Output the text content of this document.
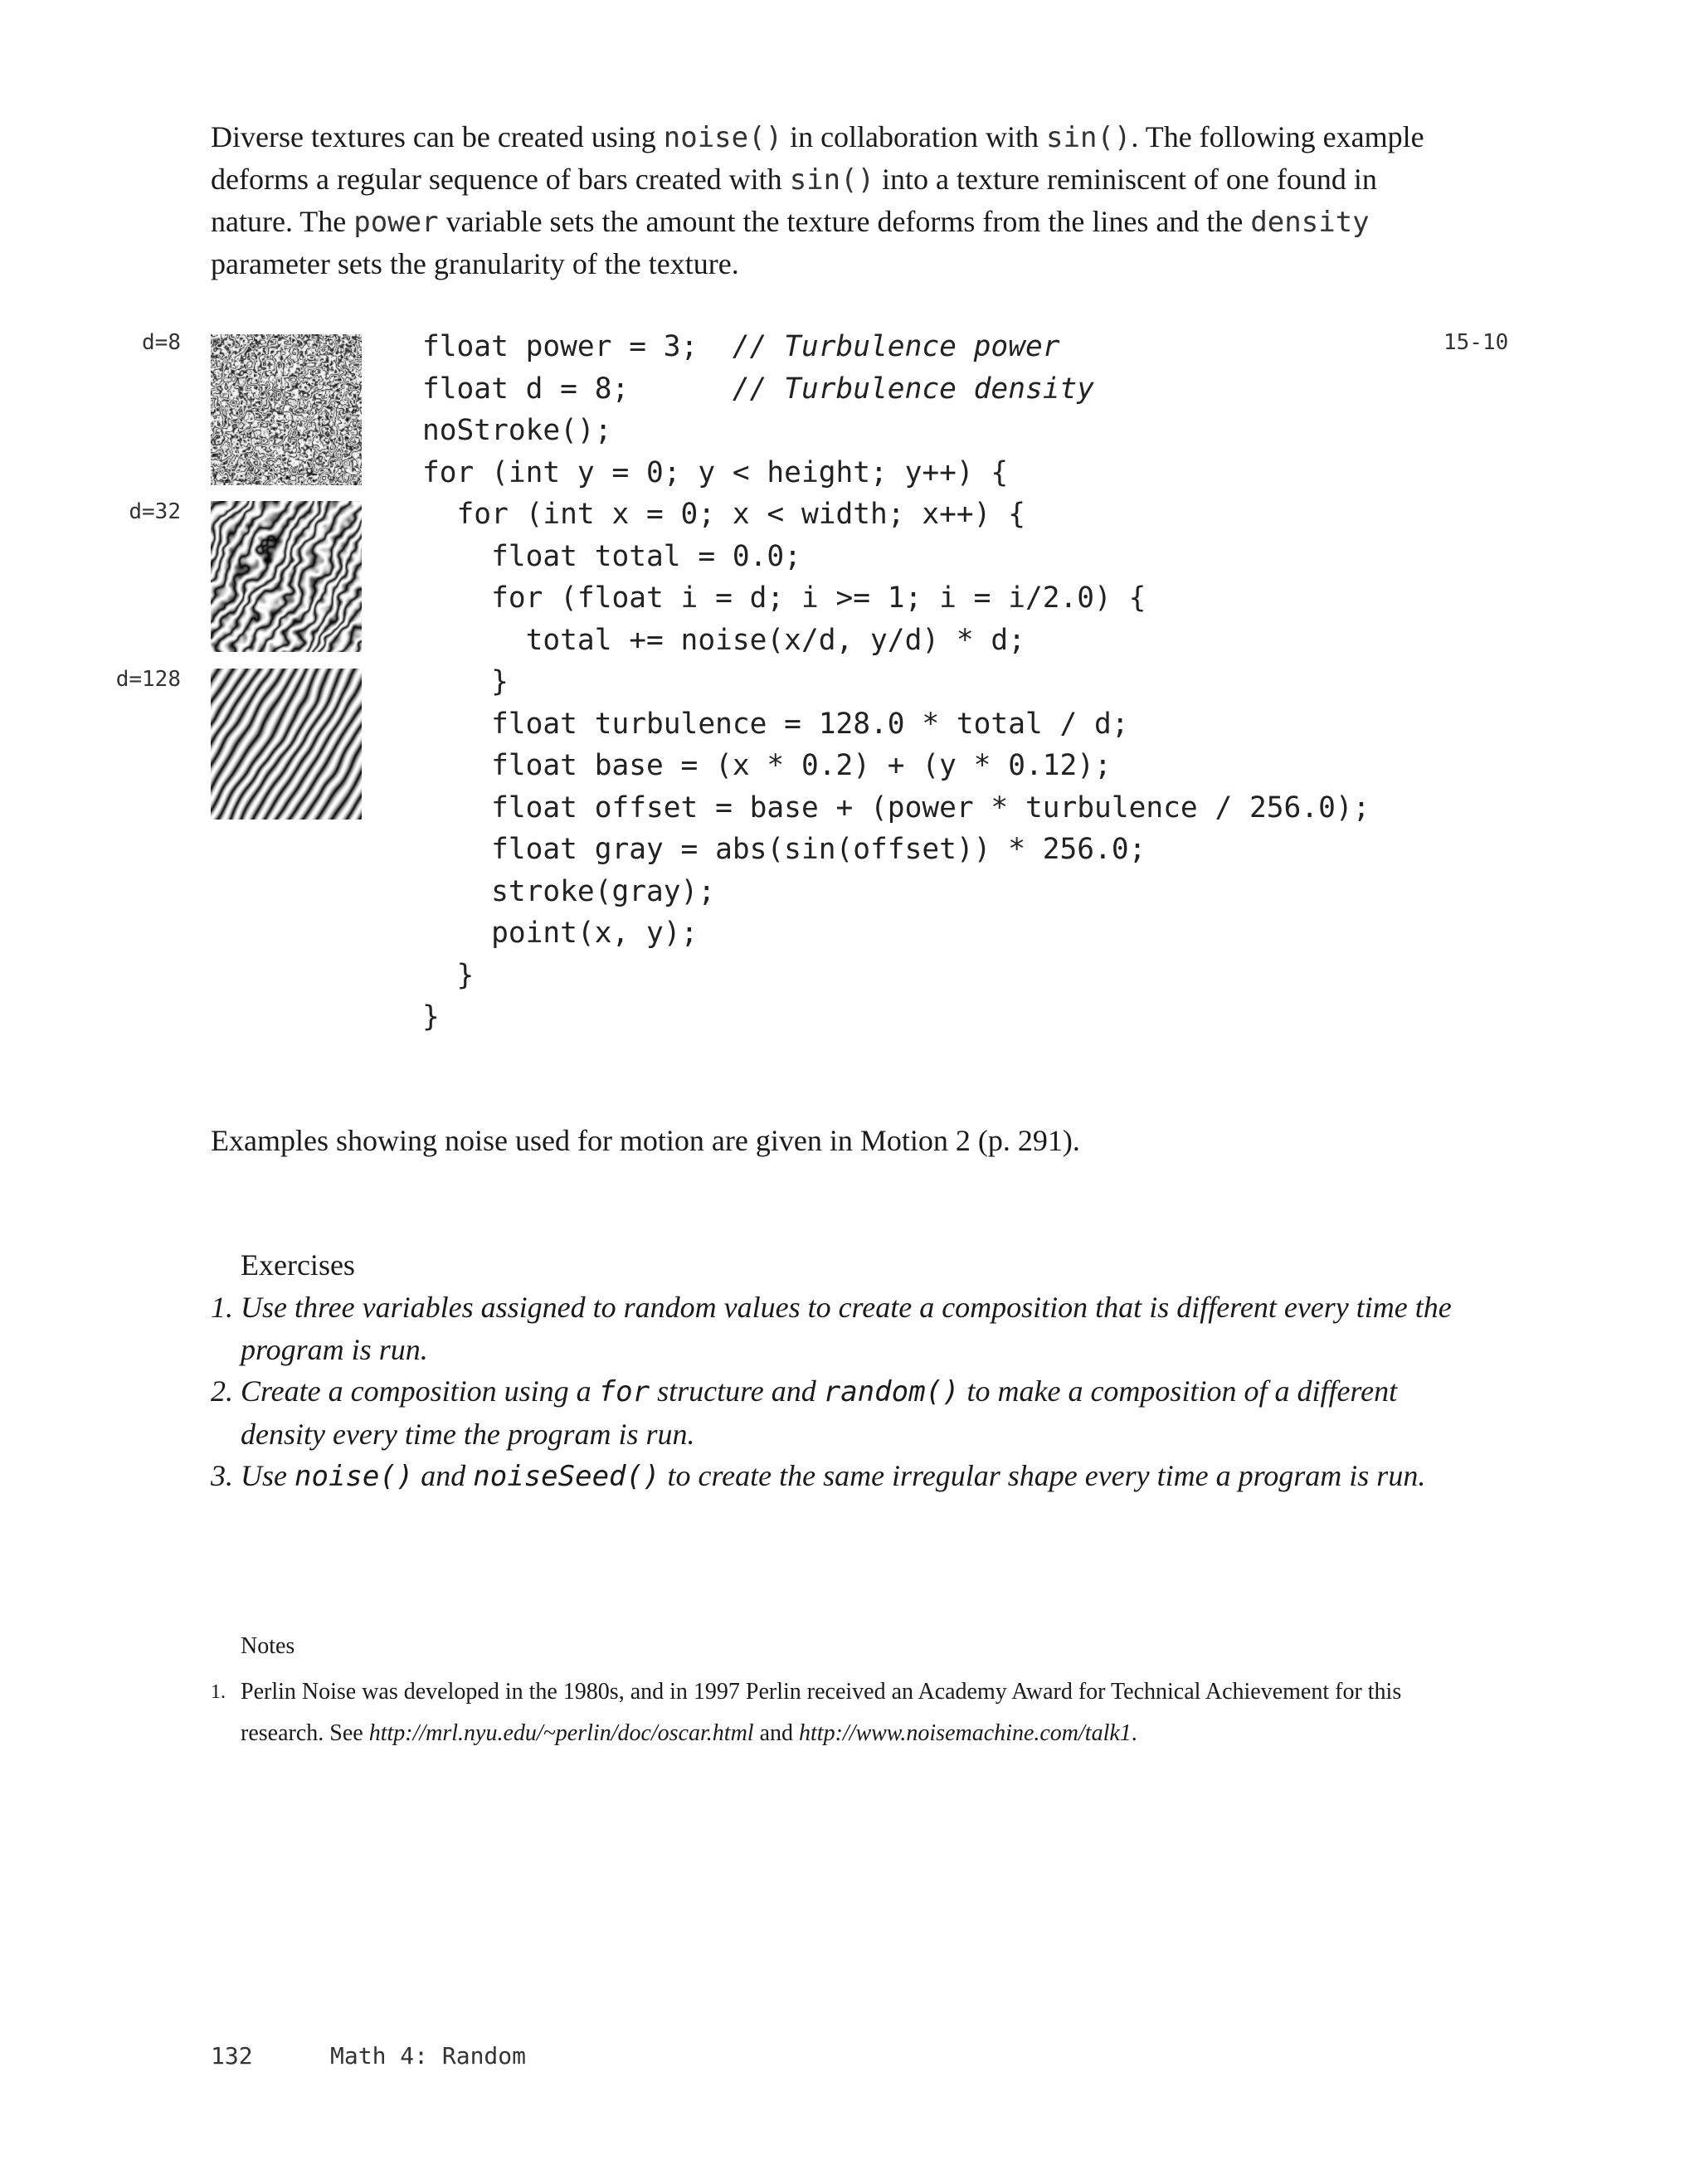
Diverse textures can be created using noise() in collaboration with sin(). The following example deforms a regular sequence of bars created with sin() into a texture reminiscent of one found in nature. The power variable sets the amount the texture deforms from the lines and the density parameter sets the granularity of the texture.

d=8
d=32
d=128
15-10
float power = 3;  // Turbulence power
float d = 8;      // Turbulence density
noStroke();
for (int y = 0; y < height; y++) {
for (int x = 0; x < width; x++) {
float total = 0.0;
for (float i = d; i >= 1; i = i/2.0) {
total += noise(x/d, y/d) * d;
}
float turbulence = 128.0 * total / d;
float base = (x * 0.2) + (y * 0.12);
float offset = base + (power * turbulence / 256.0);
float gray = abs(sin(offset)) * 256.0;
stroke(gray);
point(x, y);
}
}

Examples showing noise used for motion are given in Motion 2 (p. 291).

Exercises
1. Use three variables assigned to random values to create a composition that is different every time the program is run.
2. Create a composition using a for structure and random() to make a composition of a different density every time the program is run.
3. Use noise() and noiseSeed() to create the same irregular shape every time a program is run.
Notes
1. Perlin Noise was developed in the 1980s, and in 1997 Perlin received an Academy Award for Technical Achievement for this research. See http://mrl.nyu.edu/~perlin/doc/oscar.html and http://www.noisemachine.com/talk1.
132	Math 4: Random
